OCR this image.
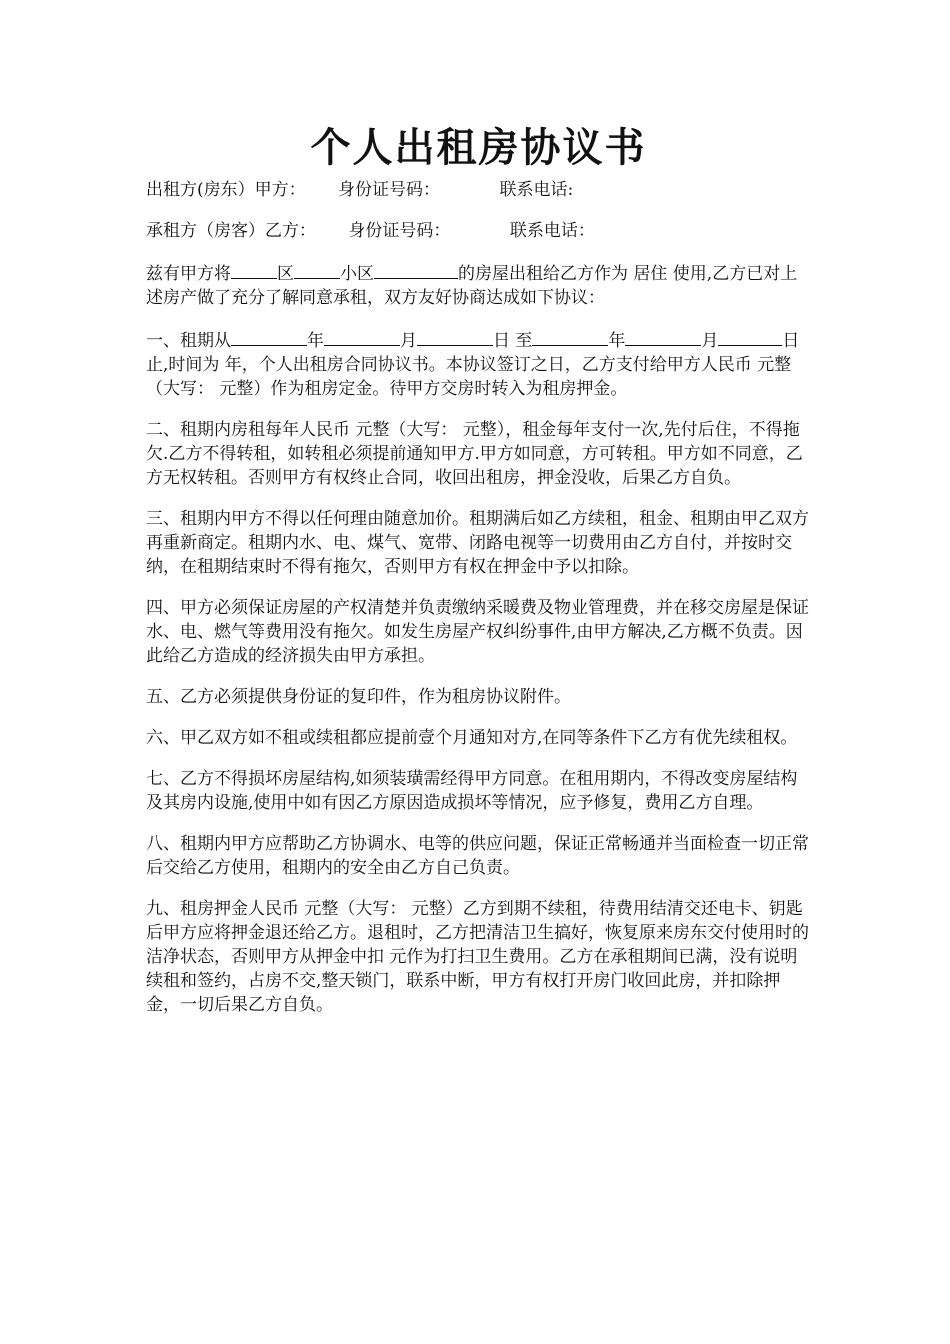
个人出租房协议书
出租方(房东）甲方：      身份证号码：           联系电话:
承租方（房客）乙方：      身份证号码：           联系电话：
兹有甲方将	区	小区	的房屋出租给乙方作为 居住 使用,乙方已对上述房产做了充分了解同意承租，双方友好协商达成如下协议：
一、租期从	年	月	日 至	年	月	日止,时间为 年，个人出租房合同协议书。本协议签订之日，乙方支付给甲方人民币 元整（大写： 元整）作为租房定金。待甲方交房时转入为租房押金。
二、租期内房租每年人民币 元整（大写： 元整），租金每年支付一次,先付后住，不得拖欠.乙方不得转租，如转租必须提前通知甲方.甲方如同意，方可转租。甲方如不同意，乙方无权转租。否则甲方有权终止合同，收回出租房，押金没收，后果乙方自负。
三、租期内甲方不得以任何理由随意加价。租期满后如乙方续租，租金、租期由甲乙双方再重新商定。租期内水、电、煤气、宽带、闭路电视等一切费用由乙方自付，并按时交纳，在租期结束时不得有拖欠，否则甲方有权在押金中予以扣除。
四、甲方必须保证房屋的产权清楚并负责缴纳采暖费及物业管理费，并在移交房屋是保证水、电、燃气等费用没有拖欠。如发生房屋产权纠纷事件,由甲方解决,乙方概不负责。因此给乙方造成的经济损失由甲方承担。
五、乙方必须提供身份证的复印件，作为租房协议附件。
六、甲乙双方如不租或续租都应提前壹个月通知对方,在同等条件下乙方有优先续租权。
七、乙方不得损坏房屋结构,如须装璜需经得甲方同意。在租用期内，不得改变房屋结构及其房内设施,使用中如有因乙方原因造成损坏等情况，应予修复，费用乙方自理。
八、租期内甲方应帮助乙方协调水、电等的供应问题，保证正常畅通并当面检查一切正常后交给乙方使用，租期内的安全由乙方自己负责。
九、租房押金人民币 元整（大写： 元整）乙方到期不续租，待费用结清交还电卡、钥匙后甲方应将押金退还给乙方。退租时，乙方把清洁卫生搞好，恢复原来房东交付使用时的洁净状态，否则甲方从押金中扣 元作为打扫卫生费用。乙方在承租期间已满，没有说明续租和签约，占房不交,整天锁门，联系中断，甲方有权打开房门收回此房，并扣除押金，一切后果乙方自负。
